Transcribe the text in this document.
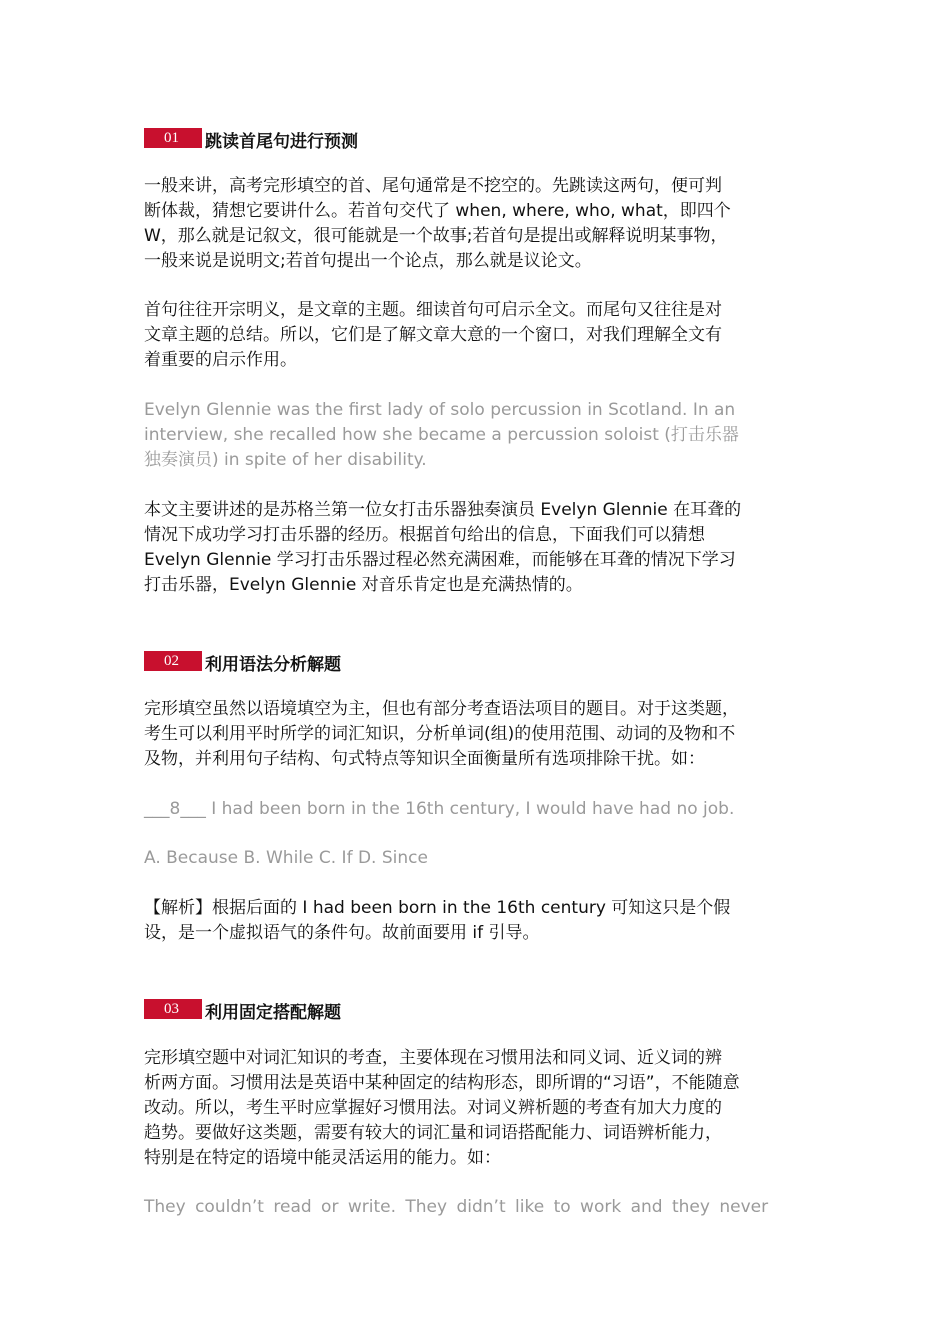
01 跳读首尾句进行预测

一般来讲，高考完形填空的首、尾句通常是不挖空的。先跳读这两句，便可判
断体裁，猜想它要讲什么。若首句交代了 when, where, who, what，即四个
W，那么就是记叙文，很可能就是一个故事;若首句是提出或解释说明某事物，
一般来说是说明文;若首句提出一个论点，那么就是议论文。

首句往往开宗明义，是文章的主题。细读首句可启示全文。而尾句又往往是对
文章主题的总结。所以，它们是了解文章大意的一个窗口，对我们理解全文有
着重要的启示作用。

Evelyn Glennie was the first lady of solo percussion in Scotland. In an
interview, she recalled how she became a percussion soloist (打击乐器
独奏演员) in spite of her disability.

本文主要讲述的是苏格兰第一位女打击乐器独奏演员 Evelyn Glennie 在耳聋的
情况下成功学习打击乐器的经历。根据首句给出的信息，下面我们可以猜想
Evelyn Glennie 学习打击乐器过程必然充满困难，而能够在耳聋的情况下学习
打击乐器，Evelyn Glennie 对音乐肯定也是充满热情的。

02 利用语法分析解题

完形填空虽然以语境填空为主，但也有部分考查语法项目的题目。对于这类题，
考生可以利用平时所学的词汇知识，分析单词(组)的使用范围、动词的及物和不
及物，并利用句子结构、句式特点等知识全面衡量所有选项排除干扰。如：

___8___ I had been born in the 16th century, I would have had no job.

A. Because B. While C. If D. Since

【解析】根据后面的 I had been born in the 16th century 可知这只是个假
设，是一个虚拟语气的条件句。故前面要用 if 引导。

03 利用固定搭配解题

完形填空题中对词汇知识的考查，主要体现在习惯用法和同义词、近义词的辨
析两方面。习惯用法是英语中某种固定的结构形态，即所谓的“习语”，不能随意
改动。所以，考生平时应掌握好习惯用法。对词义辨析题的考查有加大力度的
趋势。要做好这类题，需要有较大的词汇量和词语搭配能力、词语辨析能力，
特别是在特定的语境中能灵活运用的能力。如：

They couldn’t read or write. They didn’t like to work and they never
